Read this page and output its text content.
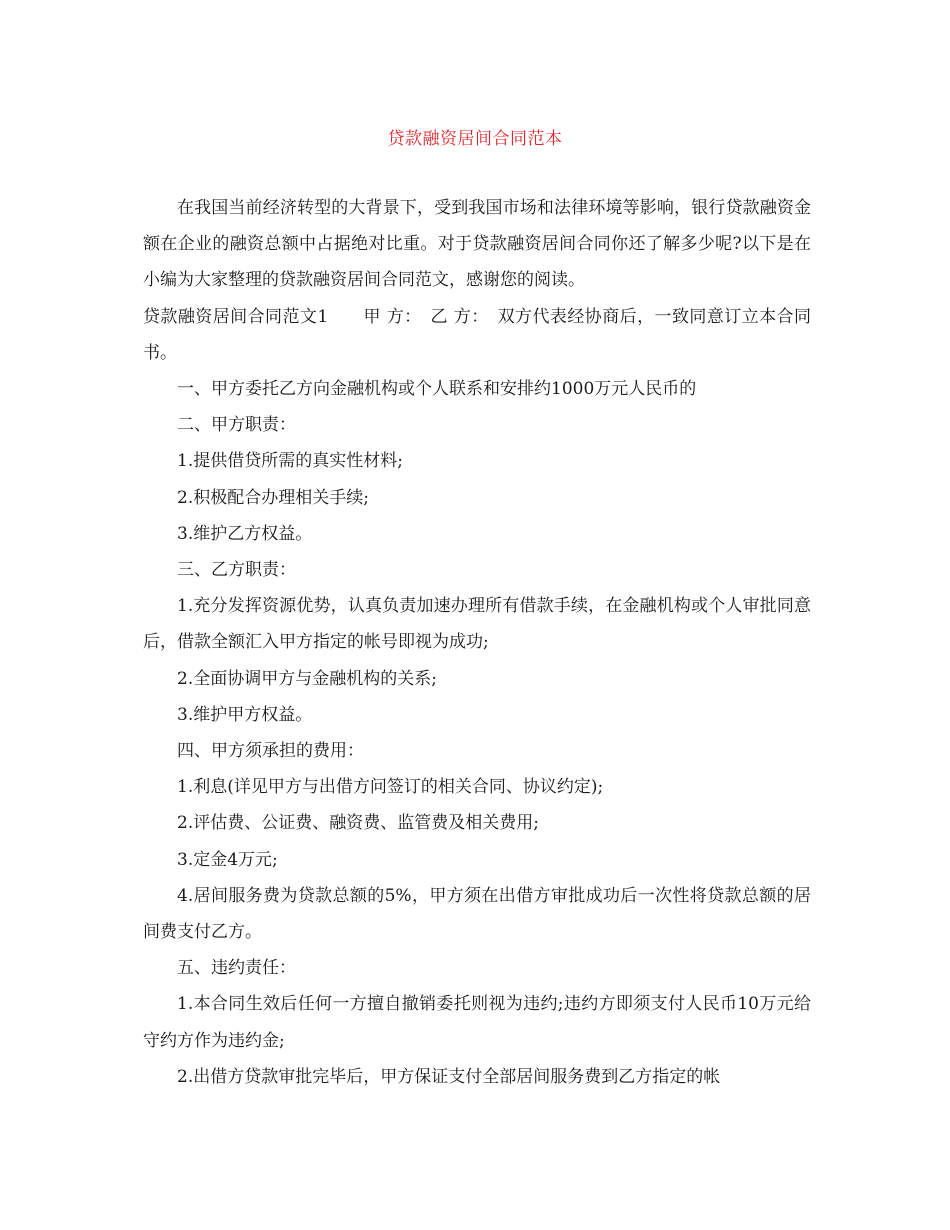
贷款融资居间合同范本

在我国当前经济转型的大背景下，受到我国市场和法律环境等影响，银行贷款融资金额在企业的融资总额中占据绝对比重。对于贷款融资居间合同你还了解多少呢?以下是在小编为大家整理的贷款融资居间合同范文，感谢您的阅读。

贷款融资居间合同范文1　　甲 方：　乙 方：　双方代表经协商后，一致同意订立本合同书。

一、甲方委托乙方向金融机构或个人联系和安排约1000万元人民币的

二、甲方职责：

1.提供借贷所需的真实性材料;

2.积极配合办理相关手续;

3.维护乙方权益。

三、乙方职责：

1.充分发挥资源优势，认真负责加速办理所有借款手续，在金融机构或个人审批同意后，借款全额汇入甲方指定的帐号即视为成功;

2.全面协调甲方与金融机构的关系;

3.维护甲方权益。

四、甲方须承担的费用：

1.利息(详见甲方与出借方问签订的相关合同、协议约定);

2.评估费、公证费、融资费、监管费及相关费用;

3.定金4万元;

4.居间服务费为贷款总额的5%，甲方须在出借方审批成功后一次性将贷款总额的居间费支付乙方。

五、违约责任：

1.本合同生效后任何一方擅自撤销委托则视为违约;违约方即须支付人民币10万元给守约方作为违约金;

2.出借方贷款审批完毕后，甲方保证支付全部居间服务费到乙方指定的帐
